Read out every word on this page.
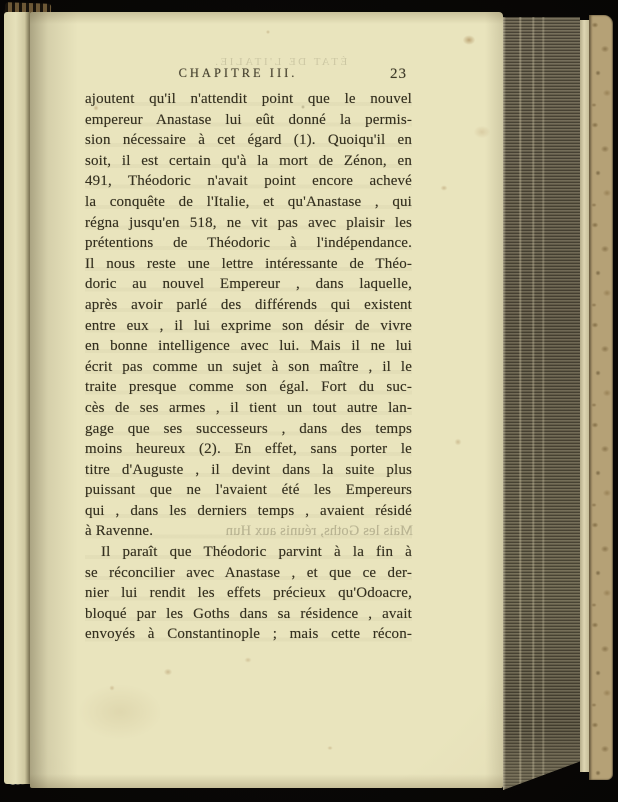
ÉTAT DE L'ITALIE.
CHAPITRE III.	23
Mais les Goths, réunis aux Hun
ajoutent qu'il n'attendit point que le nouvel
empereur Anastase lui eût donné la permis-
sion nécessaire à cet égard (1). Quoiqu'il en
soit, il est certain qu'à la mort de Zénon, en
491, Théodoric n'avait point encore achevé
la conquête de l'Italie, et qu'Anastase , qui
régna jusqu'en 518, ne vit pas avec plaisir les
prétentions de Théodoric à l'indépendance.
Il nous reste une lettre intéressante de Théo-
doric au nouvel Empereur , dans laquelle,
après avoir parlé des différends qui existent
entre eux , il lui exprime son désir de vivre
en bonne intelligence avec lui. Mais il ne lui
écrit pas comme un sujet à son maître , il le
traite presque comme son égal. Fort du suc-
cès de ses armes , il tient un tout autre lan-
gage que ses successeurs , dans des temps
moins heureux (2). En effet, sans porter le
titre d'Auguste , il devint dans la suite plus
puissant que ne l'avaient été les Empereurs
qui , dans les derniers temps , avaient résidé
à Ravenne.
Il paraît que Théodoric parvint à la fin à
se réconcilier avec Anastase , et que ce der-
nier lui rendit les effets précieux qu'Odoacre,
bloqué par les Goths dans sa résidence , avait
envoyés à Constantinople ; mais cette récon-
